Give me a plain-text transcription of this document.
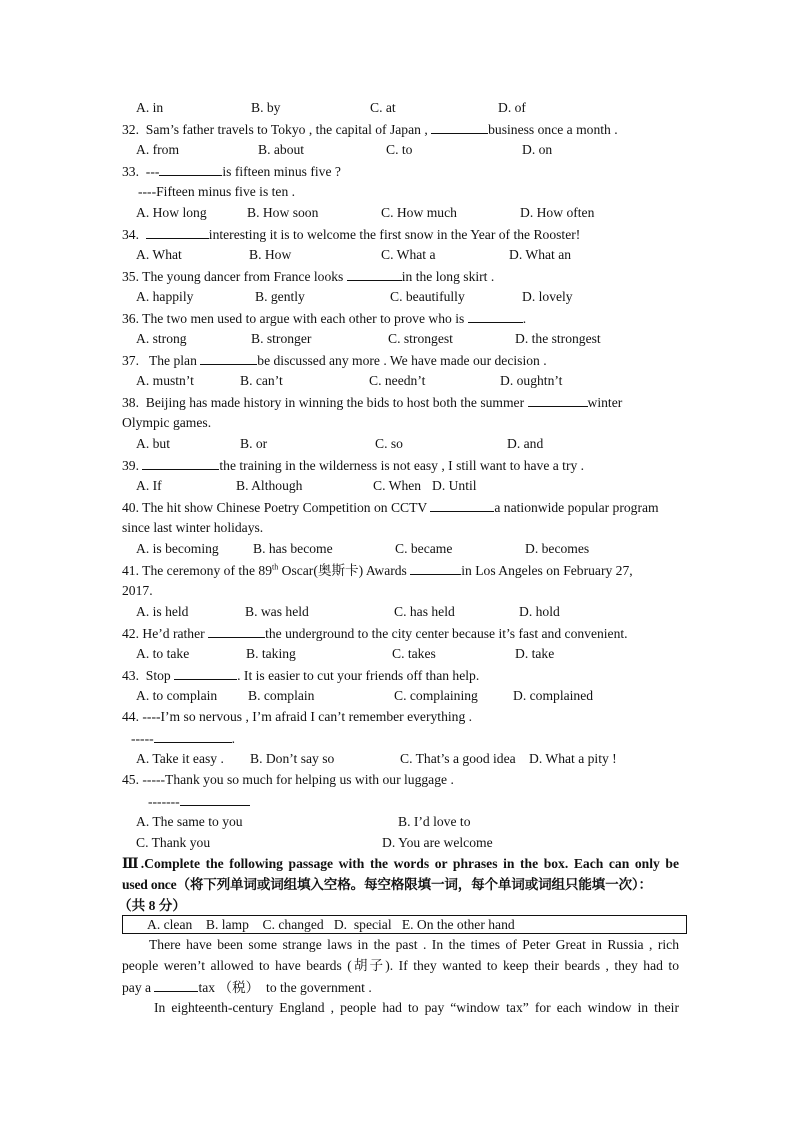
A. in	B. by	C. at	D. of
32.  Sam’s father travels to Tokyo , the capital of Japan ,	business once a month .
A. from	B. about	C. to	D. on
33.  ---	is fifteen minus five ?
----Fifteen minus five is ten .
A. How long	B. How soon	C. How much	D. How often
34.	interesting it is to welcome the first snow in the Year of the Rooster!
A. What	B. How	C. What a	D. What an
35. The young dancer from France looks	in the long skirt .
A. happily	B. gently	C. beautifully	D. lovely
36. The two men used to argue with each other to prove who is	.
A. strong	B. stronger	C. strongest	D. the strongest
37.   The plan	be discussed any more . We have made our decision .
A. mustn’t	B. can’t	C. needn’t	D. oughtn’t
38.  Beijing has made history in winning the bids to host both the summer	winter
Olympic games.
A. but	B. or	C. so	D. and
39.	the training in the wilderness is not easy , I still want to have a try .
A. If	B. Although	C. When D. Until
40. The hit show Chinese Poetry Competition on CCTV	a nationwide popular program
since last winter holidays.
A. is becoming	B. has become	C. became	D. becomes
41. The ceremony of the 89th Oscar(奥斯卡) Awards	in Los Angeles on February 27,
2017.
A. is held	B. was held	C. has held	D. hold
42. He’d rather	the underground to the city center because it’s fast and convenient.
A. to take	B. taking	C. takes	D. take
43.  Stop	. It is easier to cut your friends off than help.
A. to complain B. complain	C. complaining	D. complained
44. ----I’m so nervous , I’m afraid I can’t remember everything .
-----	.
A. Take it easy . B. Don’t say so	C. That’s a good idea D. What a pity !
45. -----Thank you so much for helping us with our luggage .
-------
A. The same to you	B. I’d love to
C. Thank you	D. You are welcome
Ⅲ.Complete the following passage with the words or phrases in the box. Each can only be
used once（将下列单词或词组填入空格。每空格限填一词，每个单词或词组只能填一次）：
（共 8 分）
A. clean    B. lamp    C. changed   D.  special   E. On the other hand
There have been some strange laws in the past . In the times of Peter Great in Russia , rich
people weren’t allowed to have beards (胡子). If they wanted to keep their beards , they had to
pay a	tax （税）  to the government .
In eighteenth-century England , people had to pay “window tax” for each window in their
